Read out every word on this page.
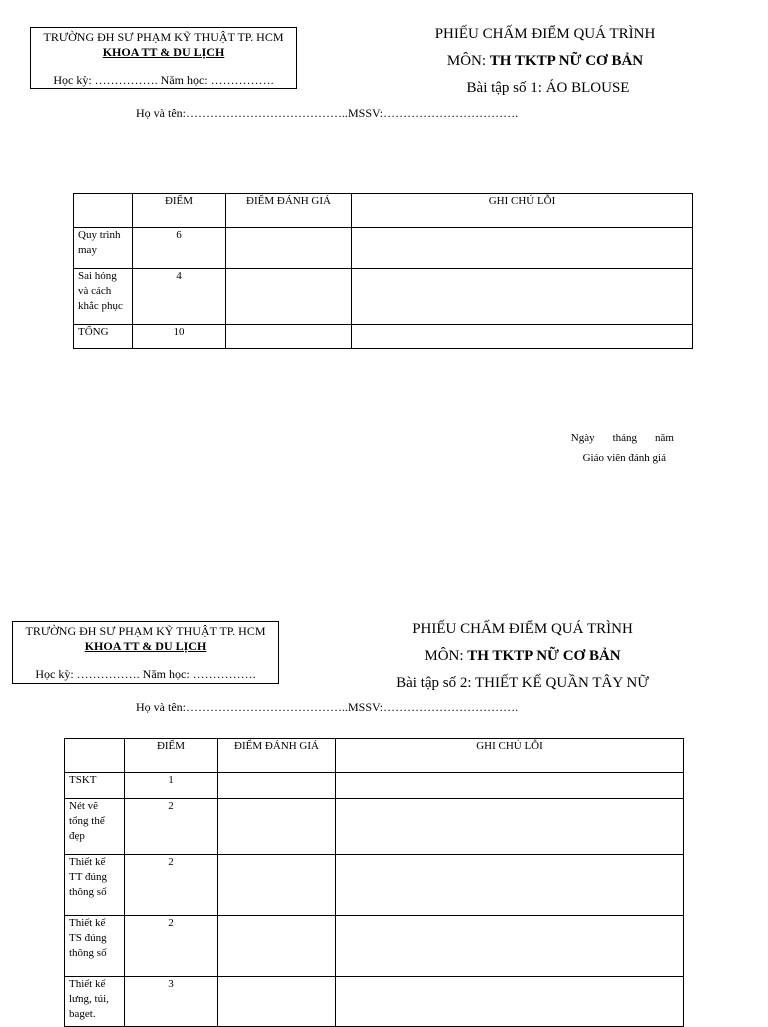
TRƯỜNG ĐH SƯ PHẠM KỸ THUẬT TP. HCM
KHOA TT & DU LỊCH
Học kỳ: ……………. Năm học: …………….
PHIẾU CHẤM ĐIỂM QUÁ TRÌNH
MÔN: TH TKTP NỮ CƠ BẢN
Bài tập số 1: ÁO BLOUSE
Họ và tên:…………………………………..MSSV:…………………………….
	ĐIỂM	ĐIỂM ĐÁNH GIÁ	GHI CHÚ LỖI
Quy trình may	6		
Sai hỏng và cách khắc phục	4		
TỔNG	10		
Ngày tháng năm
Giáo viên đánh giá
TRƯỜNG ĐH SƯ PHẠM KỸ THUẬT TP. HCM
KHOA TT & DU LỊCH
Học kỳ: ……………. Năm học: …………….
PHIẾU CHẤM ĐIỂM QUÁ TRÌNH
MÔN: TH TKTP NỮ CƠ BẢN
Bài tập số 2: THIẾT KẾ QUẦN TÂY NỮ
Họ và tên:…………………………………..MSSV:…………………………….
	ĐIỂM	ĐIỂM ĐÁNH GIÁ	GHI CHÚ LỖI
TSKT	1		
Nét vẽ tổng thể đẹp	2		
Thiết kế TT đúng thông số	2		
Thiết kế TS đúng thông số	2		
Thiết kế lưng, túi, baget.	3		
